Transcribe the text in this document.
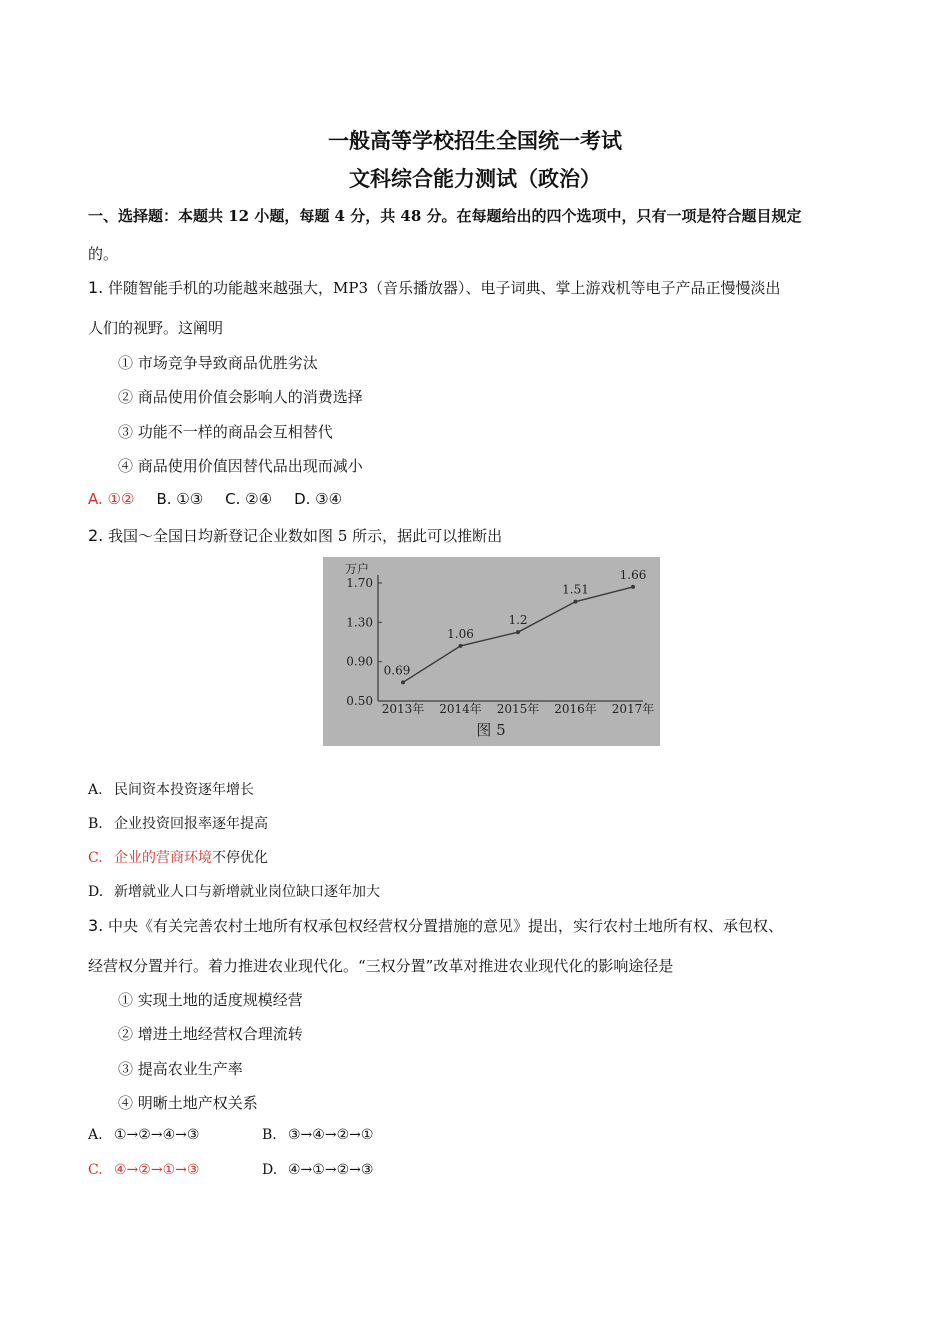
一般高等学校招生全国统一考试
文科综合能力测试（政治）
一、选择题：本题共 12 小题，每题 4 分，共 48 分。在每题给出的四个选项中，只有一项是符合题目规定
的。
1. 伴随智能手机的功能越来越强大，MP3（音乐播放器）、电子词典、掌上游戏机等电子产品正慢慢淡出
人们的视野。这阐明
① 市场竞争导致商品优胜劣汰
② 商品使用价值会影响人的消费选择
③ 功能不一样的商品会互相替代
④ 商品使用价值因替代品出现而减小
A. ①② B. ①③ C. ②④ D. ③④
2. 我国～全国日均新登记企业数如图 5 所示，据此可以推断出
万户
0.50
0.90
1.30
1.70
2013年 2014年 2015年 2016年 2017年
图 5
0.69
1.06
1.2
1.51
1.66
A. 民间资本投资逐年增长
B. 企业投资回报率逐年提高
C. 企业的营商环境不停优化
D. 新增就业人口与新增就业岗位缺口逐年加大
3. 中央《有关完善农村土地所有权承包权经营权分置措施的意见》提出，实行农村土地所有权、承包权、
经营权分置并行。着力推进农业现代化。“三权分置”改革对推进农业现代化的影响途径是
① 实现土地的适度规模经营
② 增进土地经营权合理流转
③ 提高农业生产率
④ 明晰土地产权关系
A. ①→②→④→③	B. ③→④→②→①
C. ④→②→①→③	D. ④→①→②→③
